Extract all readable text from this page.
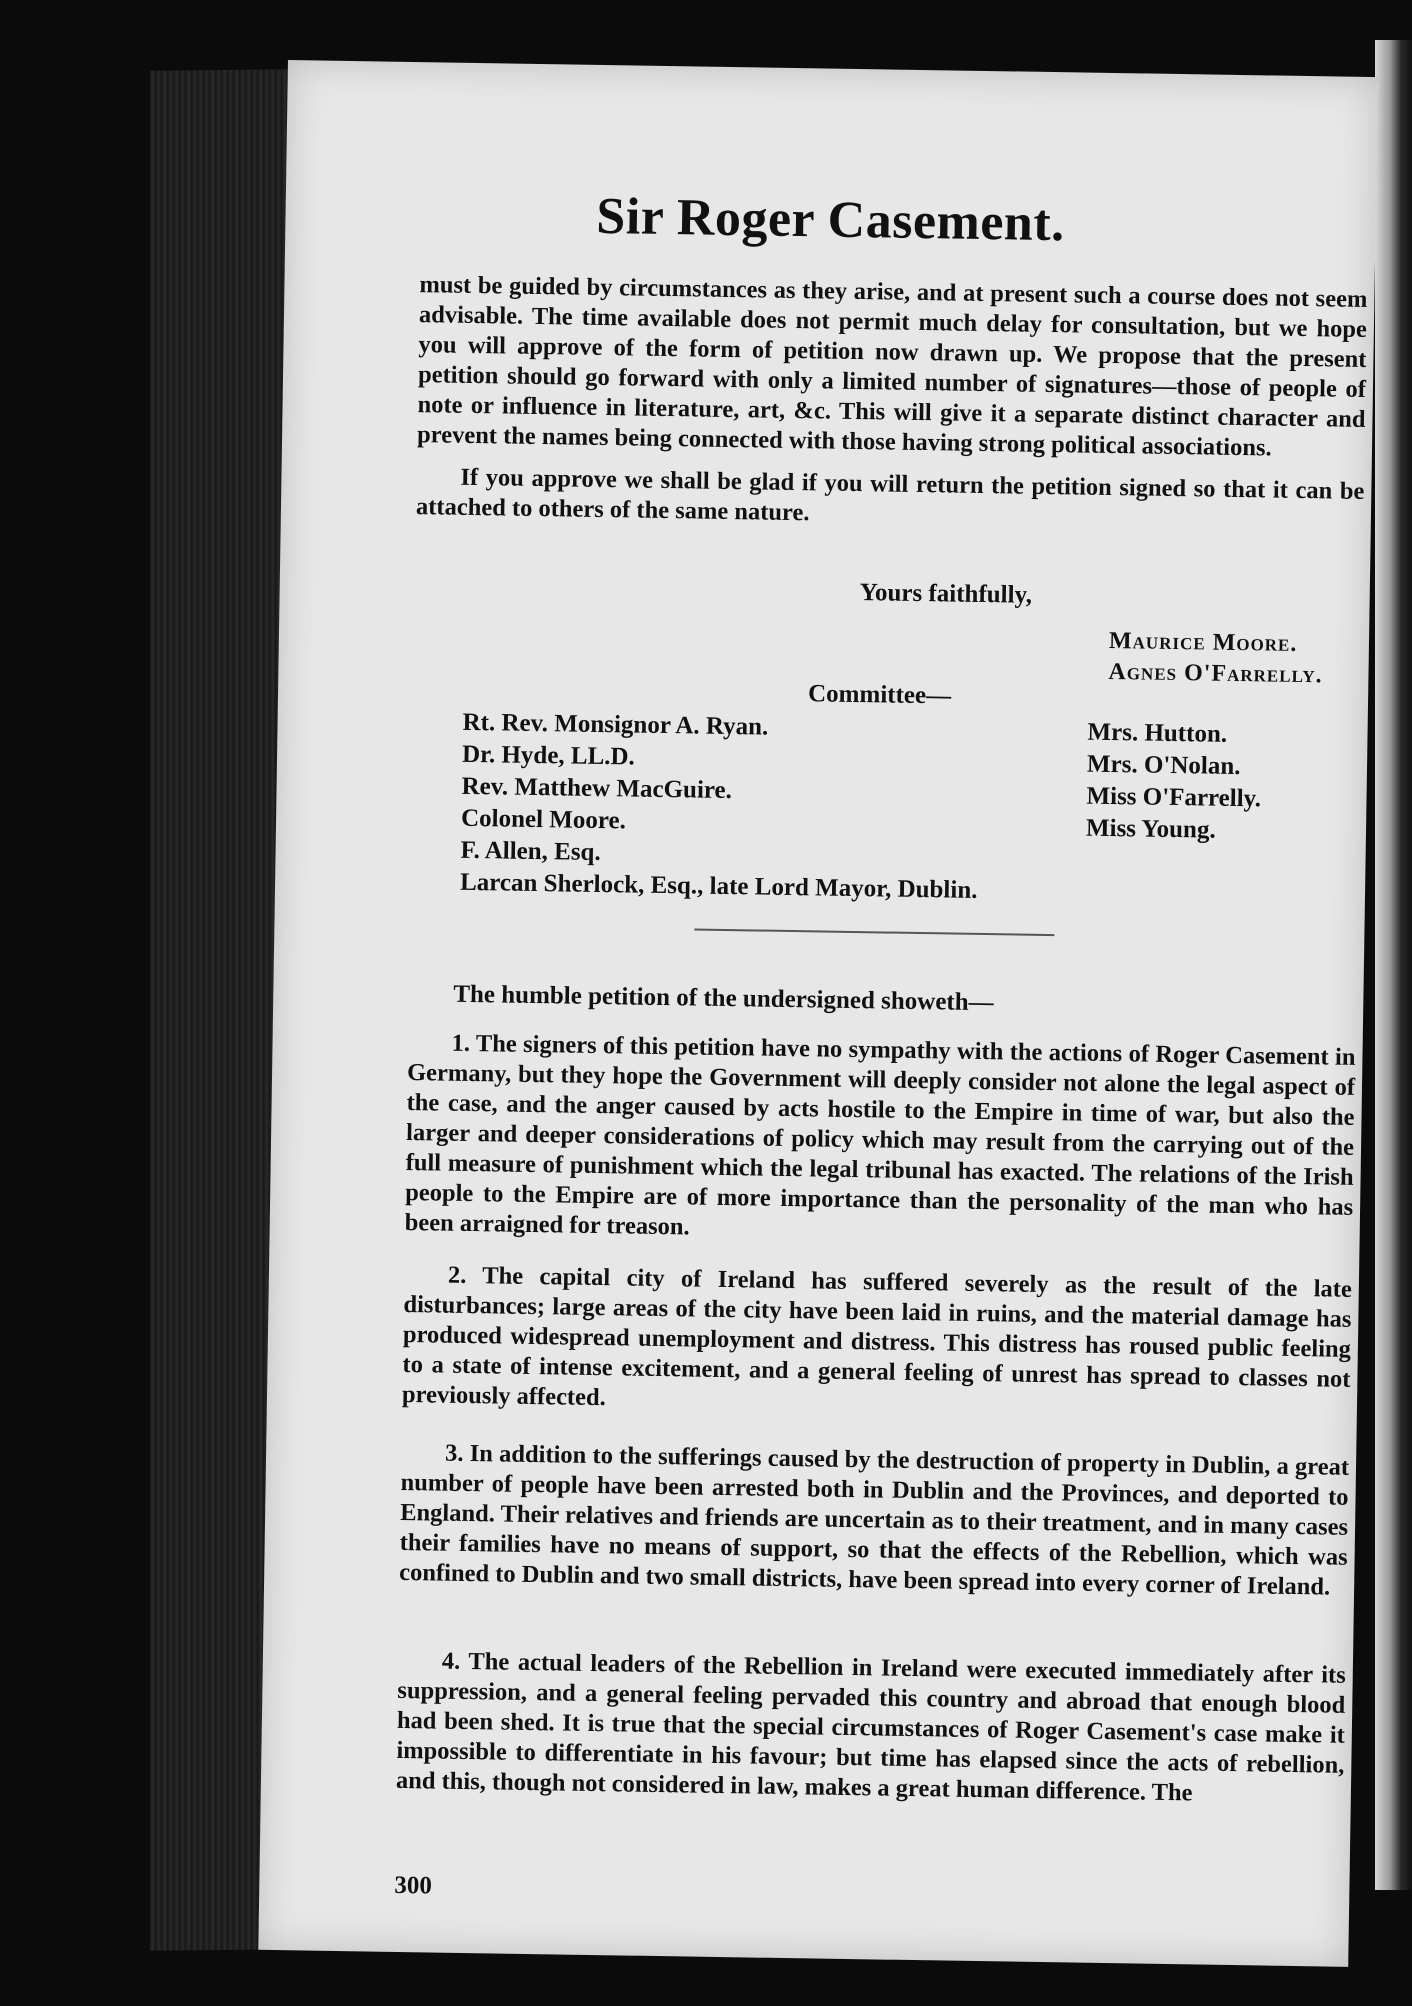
Sir Roger Casement.

must be guided by circumstances as they arise, and at present such a course does not seem advisable. The time available does not permit much delay for consultation, but we hope you will approve of the form of petition now drawn up. We propose that the present petition should go forward with only a limited number of signatures—those of people of note or influence in literature, art, &c. This will give it a separate distinct character and prevent the names being connected with those having strong political associations.

If you approve we shall be glad if you will return the petition signed so that it can be attached to others of the same nature.

Yours faithfully,
Maurice Moore.
Agnes O'Farrelly.
Committee—
Rt. Rev. Monsignor A. Ryan.
Dr. Hyde, LL.D.
Rev. Matthew MacGuire.
Colonel Moore.
F. Allen, Esq.
Larcan Sherlock, Esq., late Lord Mayor, Dublin.
Mrs. Hutton.
Mrs. O'Nolan.
Miss O'Farrelly.
Miss Young.
The humble petition of the undersigned showeth—

1. The signers of this petition have no sympathy with the actions of Roger Casement in Germany, but they hope the Government will deeply consider not alone the legal aspect of the case, and the anger caused by acts hostile to the Empire in time of war, but also the larger and deeper considerations of policy which may result from the carrying out of the full measure of punishment which the legal tribunal has exacted. The relations of the Irish people to the Empire are of more importance than the personality of the man who has been arraigned for treason.

2. The capital city of Ireland has suffered severely as the result of the late disturbances; large areas of the city have been laid in ruins, and the material damage has produced widespread unemployment and distress. This distress has roused public feeling to a state of intense excitement, and a general feeling of unrest has spread to classes not previously affected.

3. In addition to the sufferings caused by the destruction of property in Dublin, a great number of people have been arrested both in Dublin and the Provinces, and deported to England. Their relatives and friends are uncertain as to their treatment, and in many cases their families have no means of support, so that the effects of the Rebellion, which was confined to Dublin and two small districts, have been spread into every corner of Ireland.

4. The actual leaders of the Rebellion in Ireland were executed immediately after its suppression, and a general feeling pervaded this country and abroad that enough blood had been shed. It is true that the special circumstances of Roger Casement's case make it impossible to differentiate in his favour; but time has elapsed since the acts of rebellion, and this, though not considered in law, makes a great human difference. The

300
